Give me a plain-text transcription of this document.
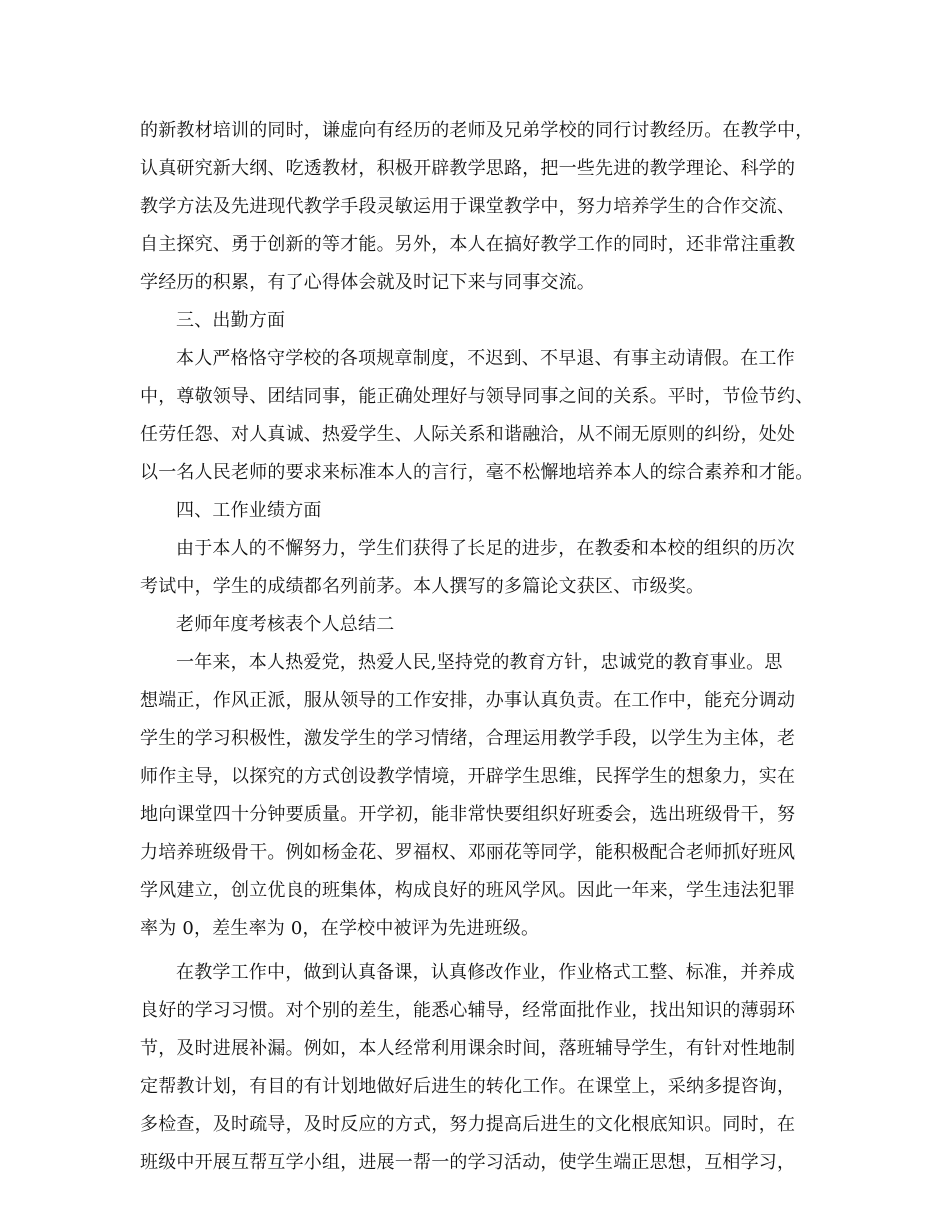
的新教材培训的同时，谦虚向有经历的老师及兄弟学校的同行讨教经历。在教学中，
认真研究新大纲、吃透教材，积极开辟教学思路，把一些先进的教学理论、科学的
教学方法及先进现代教学手段灵敏运用于课堂教学中，努力培养学生的合作交流、
自主探究、勇于创新的等才能。另外，本人在搞好教学工作的同时，还非常注重教
学经历的积累，有了心得体会就及时记下来与同事交流。
三、出勤方面
本人严格恪守学校的各项规章制度，不迟到、不早退、有事主动请假。在工作
中，尊敬领导、团结同事，能正确处理好与领导同事之间的关系。平时，节俭节约、
任劳任怨、对人真诚、热爱学生、人际关系和谐融洽，从不闹无原则的纠纷，处处
以一名人民老师的要求来标准本人的言行，毫不松懈地培养本人的综合素养和才能。
四、工作业绩方面
由于本人的不懈努力，学生们获得了长足的进步，在教委和本校的组织的历次
考试中，学生的成绩都名列前茅。本人撰写的多篇论文获区、市级奖。
老师年度考核表个人总结二
一年来，本人热爱党，热爱人民,坚持党的教育方针，忠诚党的教育事业。思
想端正，作风正派，服从领导的工作安排，办事认真负责。在工作中，能充分调动
学生的学习积极性，激发学生的学习情绪，合理运用教学手段，以学生为主体，老
师作主导，以探究的方式创设教学情境，开辟学生思维，民挥学生的想象力，实在
地向课堂四十分钟要质量。开学初，能非常快要组织好班委会，选出班级骨干，努
力培养班级骨干。例如杨金花、罗福权、邓丽花等同学，能积极配合老师抓好班风
学风建立，创立优良的班集体，构成良好的班风学风。因此一年来，学生违法犯罪
率为 0，差生率为 0，在学校中被评为先进班级。
在教学工作中，做到认真备课，认真修改作业，作业格式工整、标准，并养成
良好的学习习惯。对个别的差生，能悉心辅导，经常面批作业，找出知识的薄弱环
节，及时进展补漏。例如，本人经常利用课余时间，落班辅导学生，有针对性地制
定帮教计划，有目的有计划地做好后进生的转化工作。在课堂上，采纳多提咨询，
多检查，及时疏导，及时反应的方式，努力提高后进生的文化根底知识。同时，在
班级中开展互帮互学小组，进展一帮一的学习活动，使学生端正思想，互相学习，
